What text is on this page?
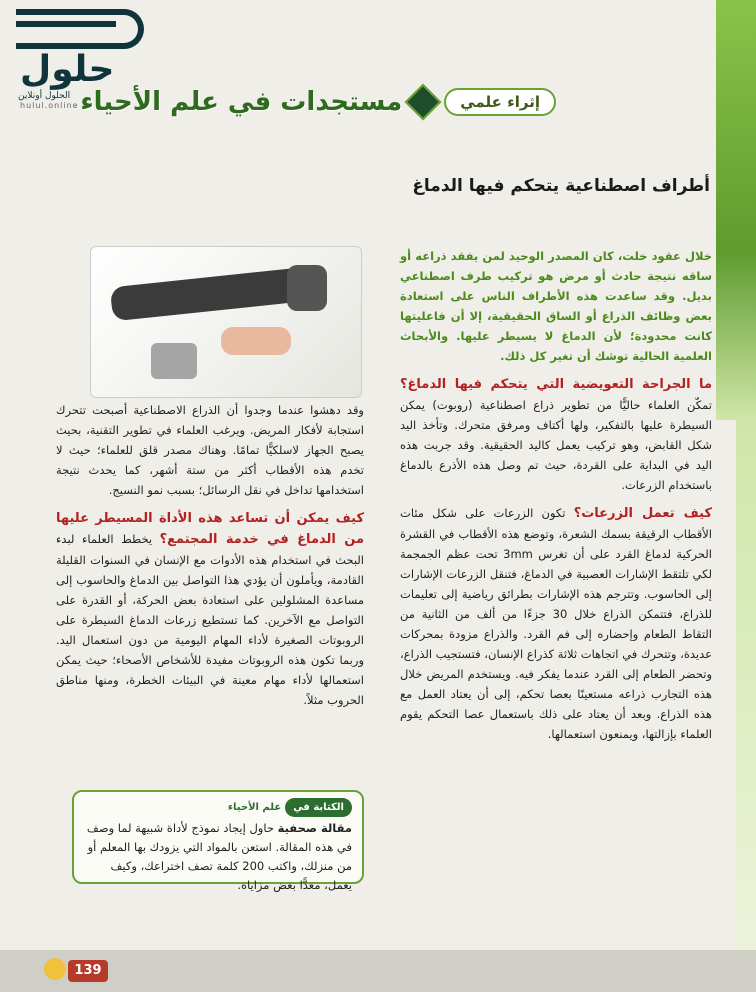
حلول
الحلول أونلاين
hulul.online	إثراء علمي
مستجدات في علم الأحياء
أطراف اصطناعية يتحكم فيها الدماغ
خلال عقود خلت، كان المصدر الوحيد لمن يفقد ذراعه أو ساقه نتيجة حادث أو مرض هو تركيب طرف اصطناعي بديل. وقد ساعدت هذه الأطراف الناس على استعادة بعض وظائف الذراع أو الساق الحقيقية، إلا أن فاعليتها كانت محدودة؛ لأن الدماغ لا يسيطر عليها. والأبحاث العلمية الحالية توشك أن تغير كل ذلك.

ما الجراحة التعويضية التي يتحكم فيها الدماغ؟ تمكّن العلماء حاليًّا من تطوير ذراع اصطناعية (روبوت) يمكن السيطرة عليها بالتفكير، ولها أكتاف ومرفق متحرك. وتأخذ اليد شكل القابض، وهو تركيب يعمل كاليد الحقيقية. وقد جربت هذه اليد في البداية على القردة، حيث تم وصل هذه الأذرع بالدماغ باستخدام الزرعات.

كيف تعمل الزرعات؟ تكون الزرعات على شكل مئات الأقطاب الرقيقة بسمك الشعرة، وتوضع هذه الأقطاب في القشرة الحركية لدماغ القرد على أن تغرس 3mm تحت عظم الجمجمة لكي تلتقط الإشارات العصبية في الدماغ، فتنقل الزرعات الإشارات إلى الحاسوب. وتترجم هذه الإشارات بطرائق رياضية إلى تعليمات للذراع، فتتمكن الذراع خلال 30 جزءًا من ألف من الثانية من التقاط الطعام وإحضاره إلى فم القرد. والذراع مزودة بمحركات عديدة، وتتحرك في اتجاهات ثلاثة كذراع الإنسان، فتستجيب الذراع، وتحضر الطعام إلى القرد عندما يفكر فيه. ويستخدم المريض خلال هذه التجارب ذراعه مستعينًا بعصا تحكم، إلى أن يعتاد العمل مع هذه الذراع. وبعد أن يعتاد على ذلك باستعمال عصا التحكم يقوم العلماء بإزالتها، ويمنعون استعمالها.
وقد دهشوا عندما وجدوا أن الذراع الاصطناعية أصبحت تتحرك استجابة لأفكار المريض. ويرغب العلماء في تطوير التقنية، بحيث يصبح الجهاز لاسلكيًّا تمامًا. وهناك مصدر قلق للعلماء؛ حيث لا تخدم هذه الأقطاب أكثر من ستة أشهر، كما يحدث نتيجة استخدامها تداخل في نقل الرسائل؛ بسبب نمو النسيج.

كيف يمكن أن تساعد هذه الأداة المسيطر عليها من الدماغ في خدمة المجتمع؟ يخطط العلماء لبدء البحث في استخدام هذه الأدوات مع الإنسان في السنوات القليلة القادمة، ويأملون أن يؤدي هذا التواصل بين الدماغ والحاسوب إلى مساعدة المشلولين على استعادة بعض الحركة، أو القدرة على التواصل مع الآخرين. كما تستطيع زرعات الدماغ السيطرة على الروبوتات الصغيرة لأداء المهام اليومية من دون استعمال اليد. وربما تكون هذه الروبوتات مفيدة للأشخاص الأصحاء؛ حيث يمكن استعمالها لأداء مهام معينة في البيئات الخطرة، ومنها مناطق الحروب مثلاً.
الكتابة في
علم الأحياء
مقالة صحفية حاول إيجاد نموذج لأداة شبيهة لما وصف في هذه المقالة. استعن بالمواد التي يزودك بها المعلم أو من منزلك، واكتب 200 كلمة تصف اختراعك، وكيف يعمل، معدًّا بعض مزاياه.
139
